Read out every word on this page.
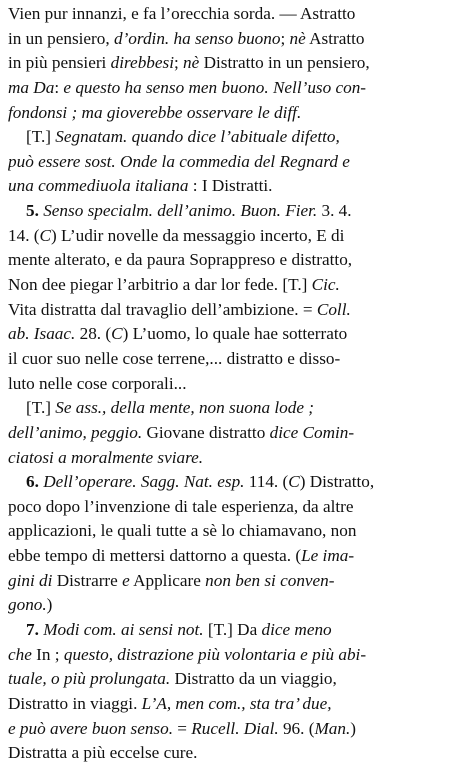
Vien pur innanzi, e fa l’orecchia sorda. — Astratto
in un pensiero, d’ordin. ha senso buono; nè Astratto
in più pensieri direbbesi; nè Distratto in un pensiero,
ma Da: e questo ha senso men buono. Nell’uso con-
fondonsi ; ma gioverebbe osservare le diff.
[T.] Segnatam. quando dice l’abituale difetto,
può essere sost. Onde la commedia del Regnard e
una commediuola italiana : I Distratti.
5. Senso specialm. dell’animo. Buon. Fier. 3. 4.
14. (C) L’udir novelle da messaggio incerto, E di
mente alterato, e da paura Soprappreso e distratto,
Non dee piegar l’arbitrio a dar lor fede. [T.] Cic.
Vita distratta dal travaglio dell’ambizione. = Coll.
ab. Isaac. 28. (C) L’uomo, lo quale hae sotterrato
il cuor suo nelle cose terrene,... distratto e disso-
luto nelle cose corporali...
[T.] Se ass., della mente, non suona lode ;
dell’animo, peggio. Giovane distratto dice Comin-
ciatosi a moralmente sviare.
6. Dell’operare. Sagg. Nat. esp. 114. (C) Distratto,
poco dopo l’invenzione di tale esperienza, da altre
applicazioni, le quali tutte a sè lo chiamavano, non
ebbe tempo di mettersi dattorno a questa. (Le ima-
gini di Distrarre e Applicare non ben si conven-
gono.)
7. Modi com. ai sensi not. [T.] Da dice meno
che In ; questo, distrazione più volontaria e più abi-
tuale, o più prolungata. Distratto da un viaggio,
Distratto in viaggi. L’A, men com., sta tra’ due,
e può avere buon senso. = Rucell. Dial. 96. (Man.)
Distratta a più eccelse cure.
